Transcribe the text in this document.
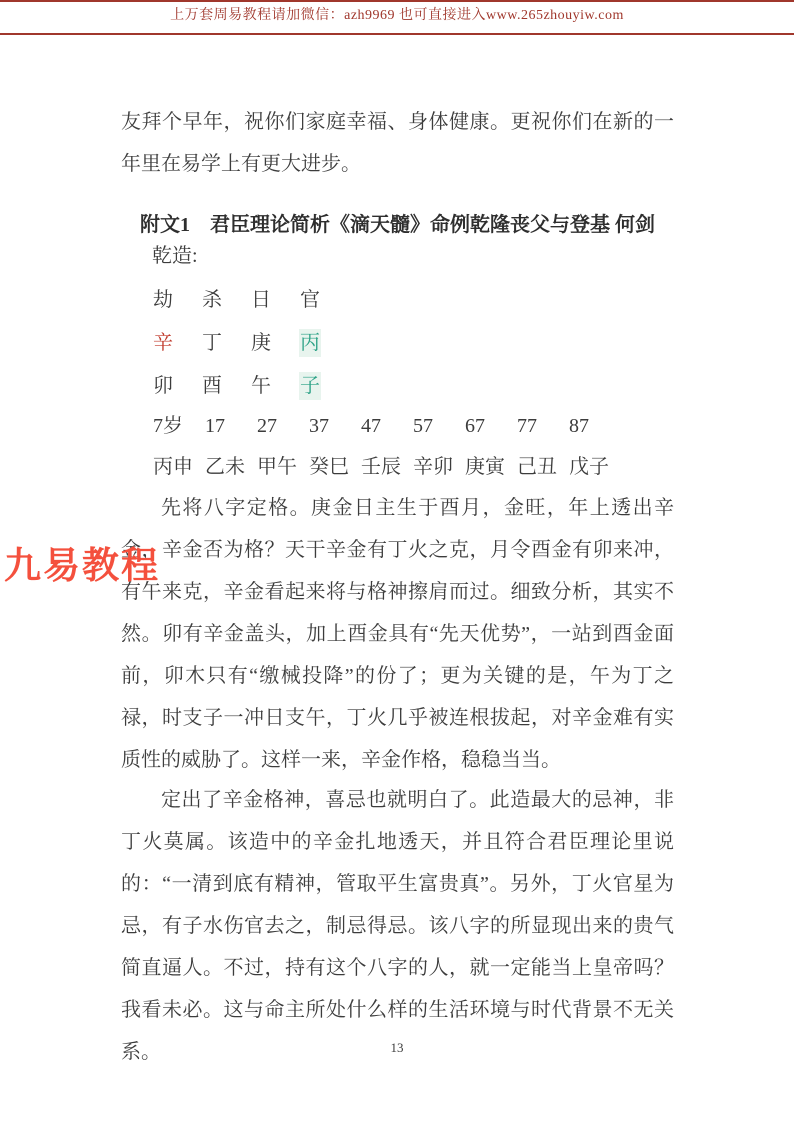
上万套周易教程请加微信：azh9969 也可直接进入www.265zhouyiw.com
九易教程

友拜个早年，祝你们家庭幸福、身体健康。更祝你们在新的一年里在易学上有更大进步。

附文1　君臣理论简析《滴天髓》命例乾隆丧父与登基 何剑
乾造:
劫 杀 日 官
辛 丁 庚 丙
卯 酉 午 子
7岁 17 27 37 47 57 67 77 87
丙申 乙未 甲午 癸巳 壬辰 辛卯 庚寅 己丑 戊子

先将八字定格。庚金日主生于酉月，金旺，年上透出辛金，辛金否为格？天干辛金有丁火之克，月令酉金有卯来冲，有午来克，辛金看起来将与格神擦肩而过。细致分析，其实不然。卯有辛金盖头，加上酉金具有“先天优势”，一站到酉金面前，卯木只有“缴械投降”的份了；更为关键的是，午为丁之禄，时支子一冲日支午，丁火几乎被连根拔起，对辛金难有实质性的威胁了。这样一来，辛金作格，稳稳当当。

定出了辛金格神，喜忌也就明白了。此造最大的忌神，非丁火莫属。该造中的辛金扎地透天，并且符合君臣理论里说的：“一清到底有精神，管取平生富贵真”。另外，丁火官星为忌，有子水伤官去之，制忌得忌。该八字的所显现出来的贵气简直逼人。不过，持有这个八字的人，就一定能当上皇帝吗？我看未必。这与命主所处什么样的生活环境与时代背景不无关系。	13
